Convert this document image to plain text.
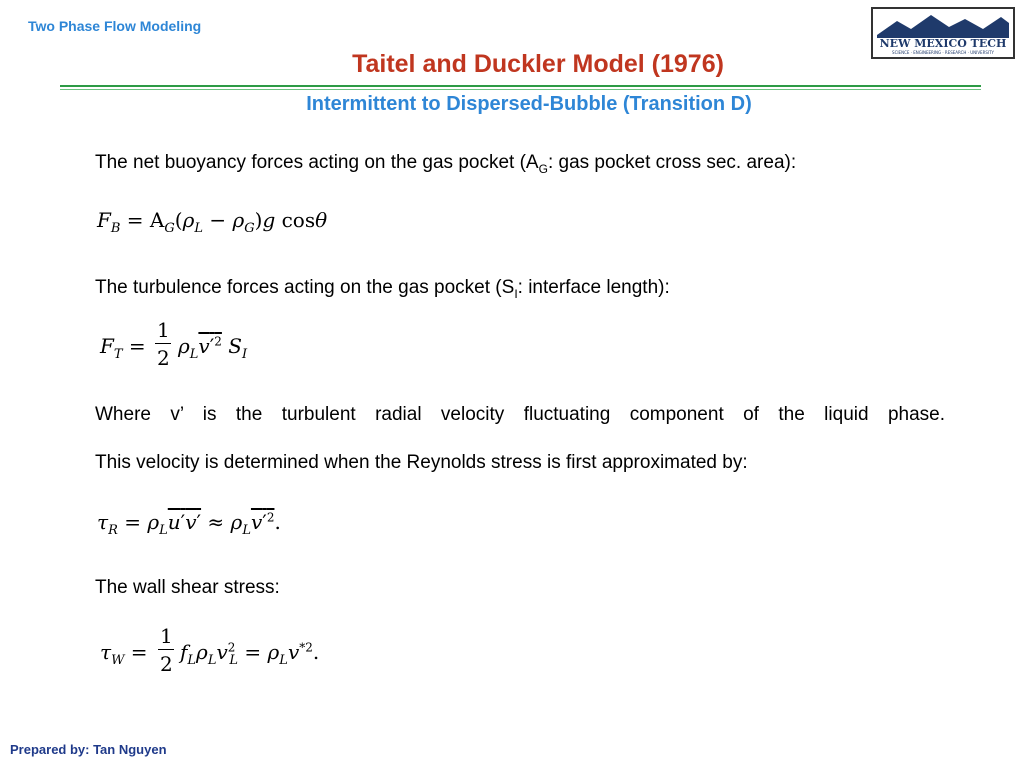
Two Phase Flow Modeling
NEW MEXICO TECH
SCIENCE · ENGINEERING · RESEARCH · UNIVERSITY
Taitel and Duckler Model (1976)
Intermittent to Dispersed-Bubble (Transition D)
The net buoyancy forces acting on the gas pocket ($A_G$: gas pocket cross sec. area):
$F_B = A_G(\rho_L - \rho_G)g$ cosθ
The turbulence forces acting on the gas pocket ($S_I$: interface length):
$F_T$ =
1
2 $\rho_Lv'^2$ $S_I$
Where v’ is the turbulent radial velocity fluctuating component of the liquid phase.
This velocity is determined when the Reynolds stress is first approximated by:
$\tau_R = \rho_Lu'v' \approx \rho_Lv'^2$.
The wall shear stress:
$\tau_W$ =
1
2 $f_L\rho_Lv^2_L = \rho_Lv^{*2}$.
Prepared by: Tan Nguyen
